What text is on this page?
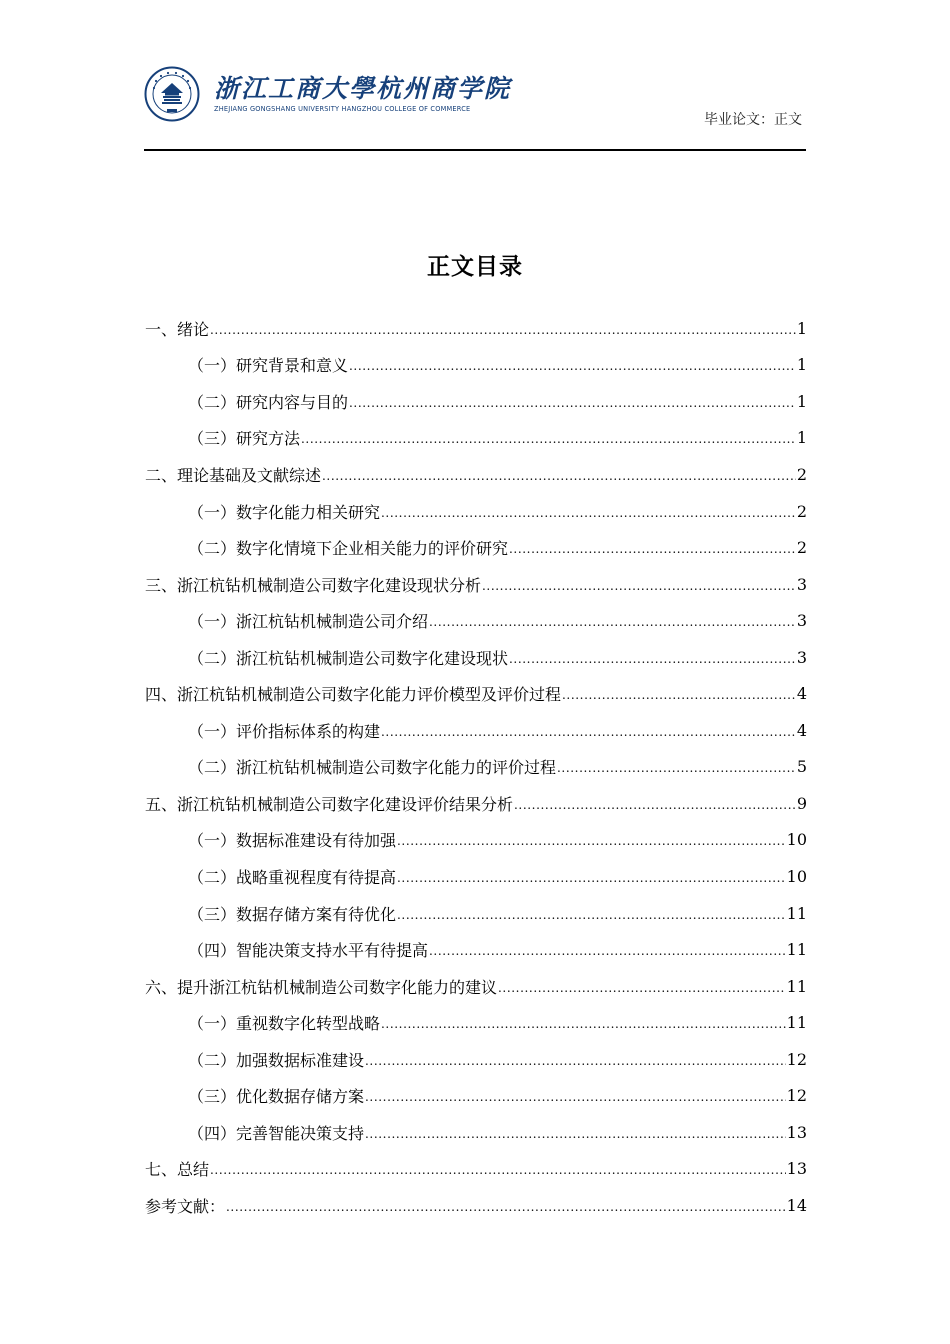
浙江工商大學杭州商学院
ZHEJIANG GONGSHANG UNIVERSITY HANGZHOU COLLEGE OF COMMERCE
毕业论文：正文
正文目录
一、绪论 .....	1
（一）研究背景和意义 .....	1
（二）研究内容与目的 .....	1
（三）研究方法 .....	1
二、理论基础及文献综述 .....	2
（一）数字化能力相关研究 .....	2
（二）数字化情境下企业相关能力的评价研究 .....	2
三、浙江杭钻机械制造公司数字化建设现状分析 .....	3
（一）浙江杭钻机械制造公司介绍 .....	3
（二）浙江杭钻机械制造公司数字化建设现状 .....	3
四、浙江杭钻机械制造公司数字化能力评价模型及评价过程 .....	4
（一）评价指标体系的构建 .....	4
（二）浙江杭钻机械制造公司数字化能力的评价过程 .....	5
五、浙江杭钻机械制造公司数字化建设评价结果分析 .....	9
（一）数据标准建设有待加强 .....	10
（二）战略重视程度有待提高 .....	10
（三）数据存储方案有待优化 .....	11
（四）智能决策支持水平有待提高 .....	11
六、提升浙江杭钻机械制造公司数字化能力的建议 .....	11
（一）重视数字化转型战略 .....	11
（二）加强数据标准建设 .....	12
（三）优化数据存储方案 .....	12
（四）完善智能决策支持 .....	13
七、总结 .....	13
参考文献： .....	14
